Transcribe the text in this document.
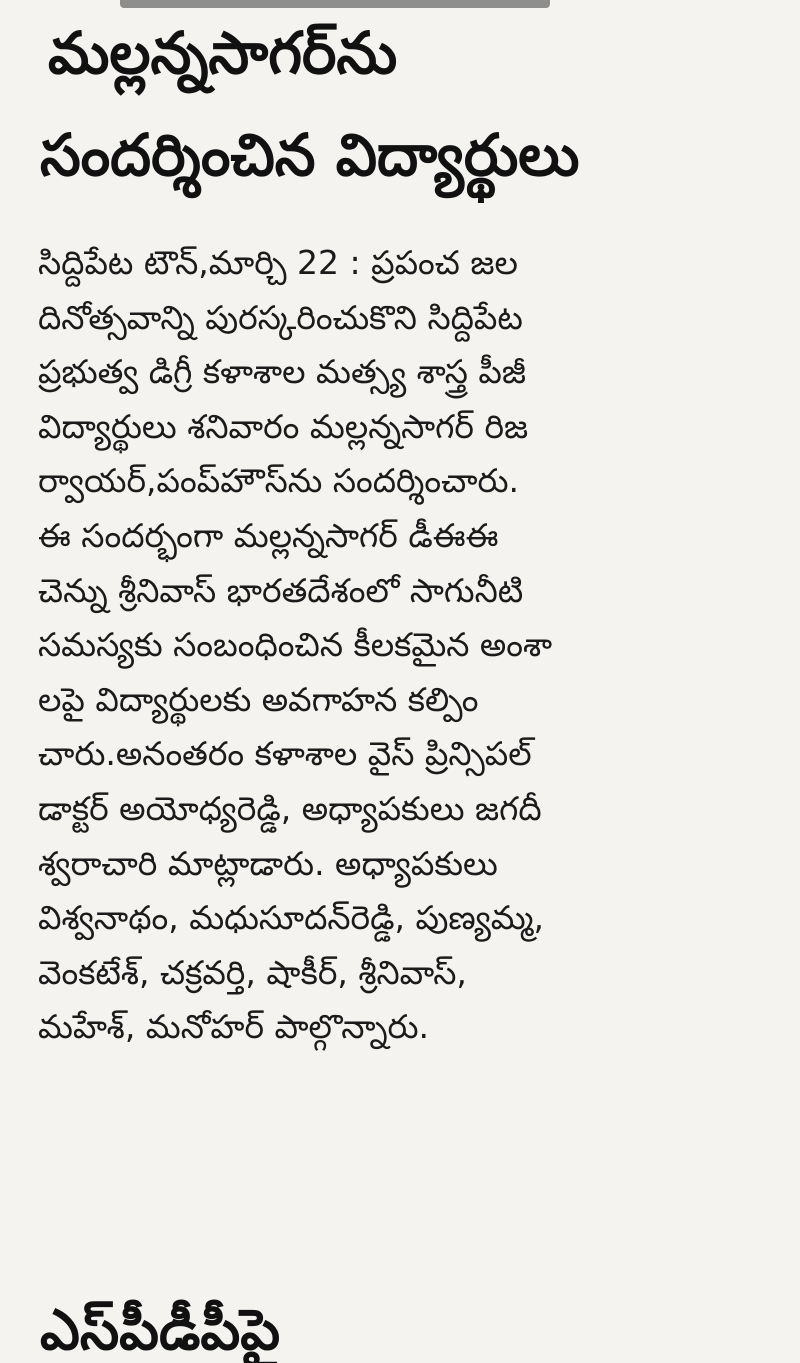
మల్లన్నసాగర్‌ను
సందర్శించిన విద్యార్థులు
సిద్దిపేట టౌన్‌,మార్చి 22 : ప్రపంచ జల
దినోత్సవాన్ని పురస్కరించుకొని సిద్దిపేట
ప్రభుత్వ డిగ్రీ కళాశాల మత్స్య శాస్త్ర పీజీ
విద్యార్థులు శనివారం మల్లన్నసాగర్‌ రిజ
ర్వాయర్‌,పంప్‌హౌస్‌ను సందర్శించారు.
ఈ సందర్భంగా మల్లన్నసాగర్‌ డీఈఈ
చెన్ను శ్రీనివాస్‌ భారతదేశంలో సాగునీటి
సమస్యకు సంబంధించిన కీలకమైన అంశా
లపై విద్యార్థులకు అవగాహన కల్పిం
చారు.అనంతరం కళాశాల వైస్‌ ప్రిన్సిపల్‌
డాక్టర్‌ అయోధ్యరెడ్డి, అధ్యాపకులు జగదీ
శ్వరాచారి మాట్లాడారు. అధ్యాపకులు
విశ్వనాథం, మధుసూదన్‌రెడ్డి, పుణ్యమ్మ,
వెంకటేశ్‌, చక్రవర్తి, షాకీర్‌, శ్రీనివాస్‌,
మహేశ్‌, మనోహర్‌ పాల్గొన్నారు.
ఎస్‌పీడీపీపై
